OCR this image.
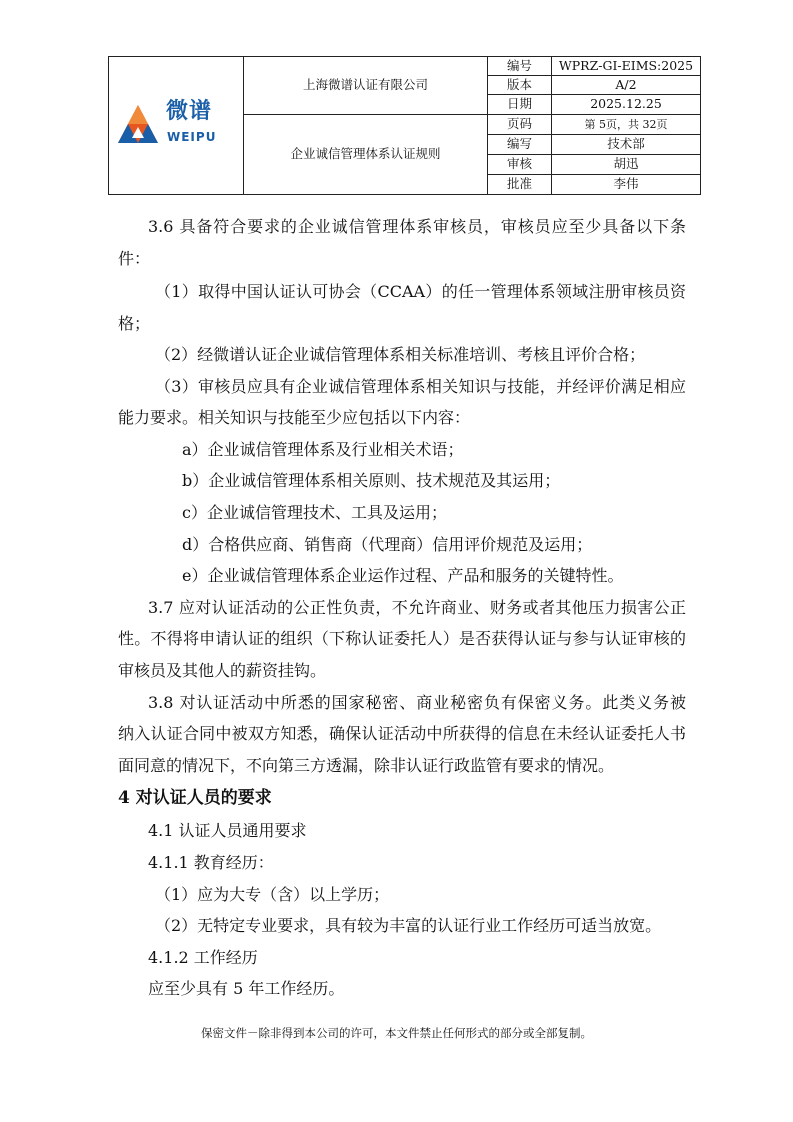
微谱
WEIPU	上海微谱认证有限公司	编号	WPRZ-GI-EIMS:2025
		版本	A/2
		日期	2025.12.25
	企业诚信管理体系认证规则	页码	第 5页，共 32页
		编写	技术部
		审核	胡迅
		批准	李伟
3.6 具备符合要求的企业诚信管理体系审核员，审核员应至少具备以下条
件：
（1）取得中国认证认可协会（CCAA）的任一管理体系领域注册审核员资
格；
（2）经微谱认证企业诚信管理体系相关标准培训、考核且评价合格；
（3）审核员应具有企业诚信管理体系相关知识与技能，并经评价满足相应
能力要求。相关知识与技能至少应包括以下内容：
a）企业诚信管理体系及行业相关术语；
b）企业诚信管理体系相关原则、技术规范及其运用；
c）企业诚信管理技术、工具及运用；
d）合格供应商、销售商（代理商）信用评价规范及运用；
e）企业诚信管理体系企业运作过程、产品和服务的关键特性。
3.7 应对认证活动的公正性负责，不允许商业、财务或者其他压力损害公正
性。不得将申请认证的组织（下称认证委托人）是否获得认证与参与认证审核的
审核员及其他人的薪资挂钩。
3.8 对认证活动中所悉的国家秘密、商业秘密负有保密义务。此类义务被
纳入认证合同中被双方知悉，确保认证活动中所获得的信息在未经认证委托人书
面同意的情况下，不向第三方透漏，除非认证行政监管有要求的情况。
4 对认证人员的要求
4.1 认证人员通用要求
4.1.1 教育经历：
（1）应为大专（含）以上学历；
（2）无特定专业要求，具有较为丰富的认证行业工作经历可适当放宽。
4.1.2 工作经历
应至少具有 5 年工作经历。
保密文件－除非得到本公司的许可，本文件禁止任何形式的部分或全部复制。
